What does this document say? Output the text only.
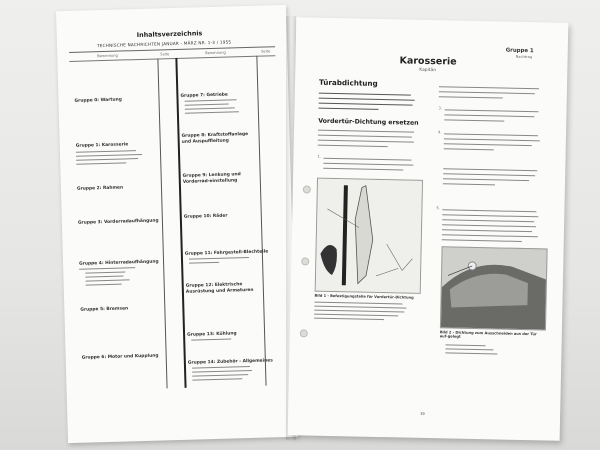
Inhaltsverzeichnis
TECHNISCHE NACHRICHTEN JANUAR - MÄRZ NR. 1-3 / 1955
Benennung	Seite	Benennung	Seite
Gruppe 0: Wartung
Gruppe 1: Karosserie
Gruppe 2: Rahmen
Gruppe 3: Vorderradaufhängung
Gruppe 4: Hinterradaufhängung
Gruppe 5: Bremsen
Gruppe 6: Motor und Kupplung
Gruppe 7: Getriebe
Gruppe 8: Kraftstoffanlage und Auspuffleitung
Gruppe 9: Lenkung und Vorderrad-einstellung
Gruppe 10: Räder
Gruppe 11: Fahrgestell-Blechteile
Gruppe 12: Elektrische Ausrüstung und Armaturen
Gruppe 13: Kühlung
Gruppe 14: Zubehör - Allgemeines
Gruppe 1
Nachtrag
Karosserie
Kapitän
Türabdichtung
Vordertür-Dichtung ersetzen
1.
Bild 1 - Befestigungsteile für Vordertür-Dichtung
3.
4.
5.
Bild 2 - Dichtung zum Ausschneiden aus der Tür auf-gelegt
39
